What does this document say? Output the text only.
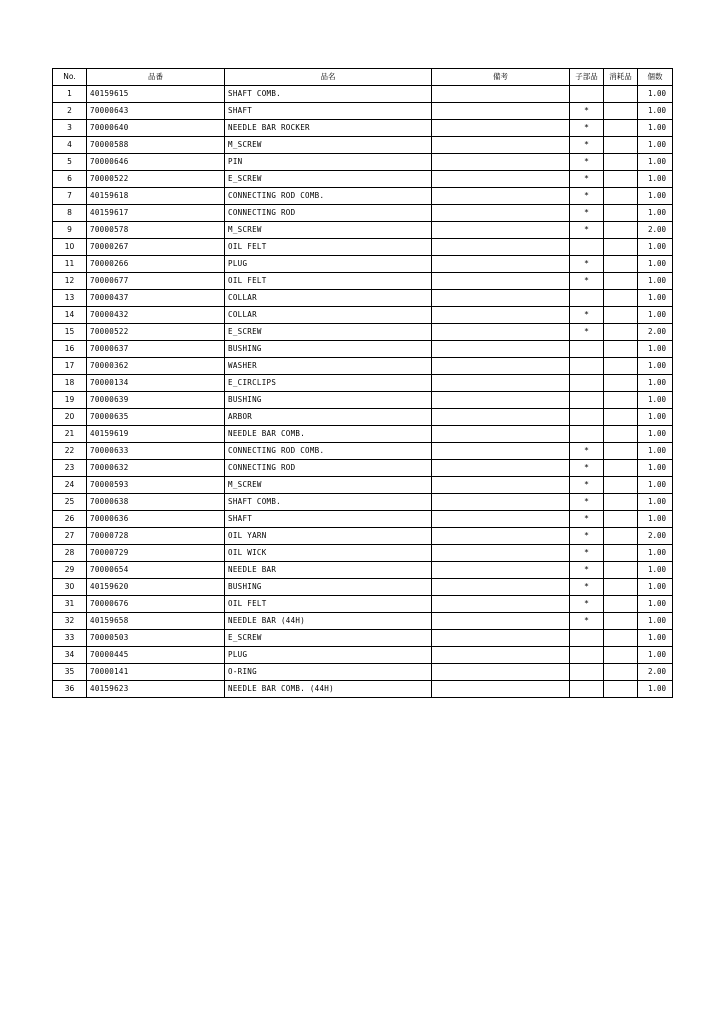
No.	品番	品名	備考	子部品	消耗品	個数
1	40159615	SHAFT COMB.				1.00
2	70000643	SHAFT		*		1.00
3	70000640	NEEDLE BAR ROCKER		*		1.00
4	70000588	M_SCREW		*		1.00
5	70000646	PIN		*		1.00
6	70000522	E_SCREW		*		1.00
7	40159618	CONNECTING ROD COMB.		*		1.00
8	40159617	CONNECTING ROD		*		1.00
9	70000578	M_SCREW		*		2.00
10	70000267	OIL FELT				1.00
11	70000266	PLUG		*		1.00
12	70000677	OIL FELT		*		1.00
13	70000437	COLLAR				1.00
14	70000432	COLLAR		*		1.00
15	70000522	E_SCREW		*		2.00
16	70000637	BUSHING				1.00
17	70000362	WASHER				1.00
18	70000134	E_CIRCLIPS				1.00
19	70000639	BUSHING				1.00
20	70000635	ARBOR				1.00
21	40159619	NEEDLE BAR COMB.				1.00
22	70000633	CONNECTING ROD COMB.		*		1.00
23	70000632	CONNECTING ROD		*		1.00
24	70000593	M_SCREW		*		1.00
25	70000638	SHAFT COMB.		*		1.00
26	70000636	SHAFT		*		1.00
27	70000728	OIL YARN		*		2.00
28	70000729	OIL WICK		*		1.00
29	70000654	NEEDLE BAR		*		1.00
30	40159620	BUSHING		*		1.00
31	70000676	OIL FELT		*		1.00
32	40159658	NEEDLE BAR (44H)		*		1.00
33	70000503	E_SCREW				1.00
34	70000445	PLUG				1.00
35	70000141	O-RING				2.00
36	40159623	NEEDLE BAR COMB. (44H)				1.00
